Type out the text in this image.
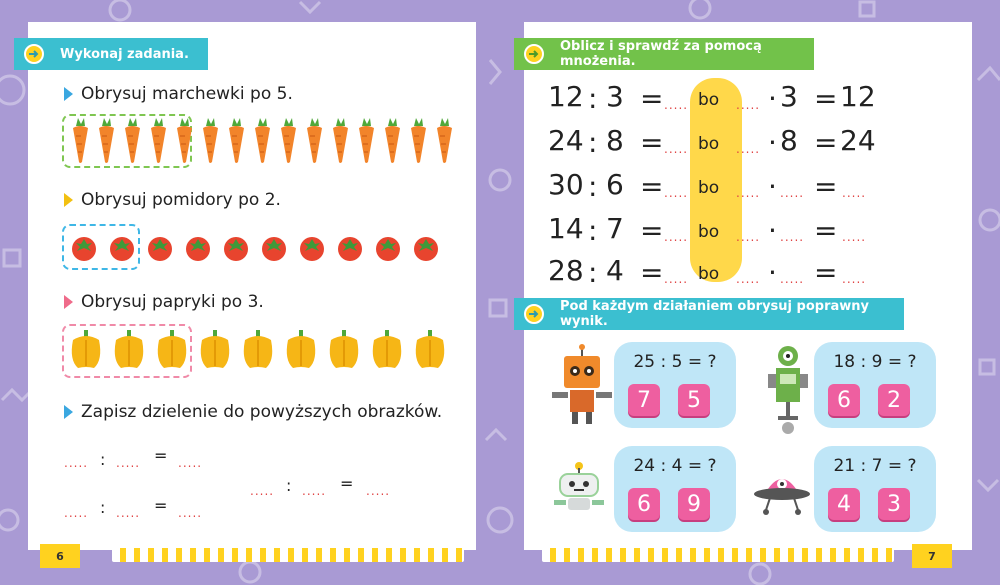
Wykonaj zadania.
Obrysuj marchewki po 5.
Obrysuj pomidory po 2.
Obrysuj papryki po 3.
Zapisz dzielenie do powyższych obrazków.
..... : ..... = .....
..... : ..... = .....
..... : ..... = .....
Oblicz i sprawdź za pomocą mnożenia.
12 : 3 = ..... bo ..... · 3 = 12
24 : 8 = ..... bo ..... · 8 = 24
30 : 6 = ..... bo ..... · ..... = .....
14 : 7 = ..... bo ..... · ..... = .....
28 : 4 = ..... bo ..... · ..... = .....
Pod każdym działaniem obrysuj poprawny wynik.
25 : 5 = ?
7	5
18 : 9 = ?
6	2
24 : 4 = ?
6	9
21 : 7 = ?
4	3
6	7
